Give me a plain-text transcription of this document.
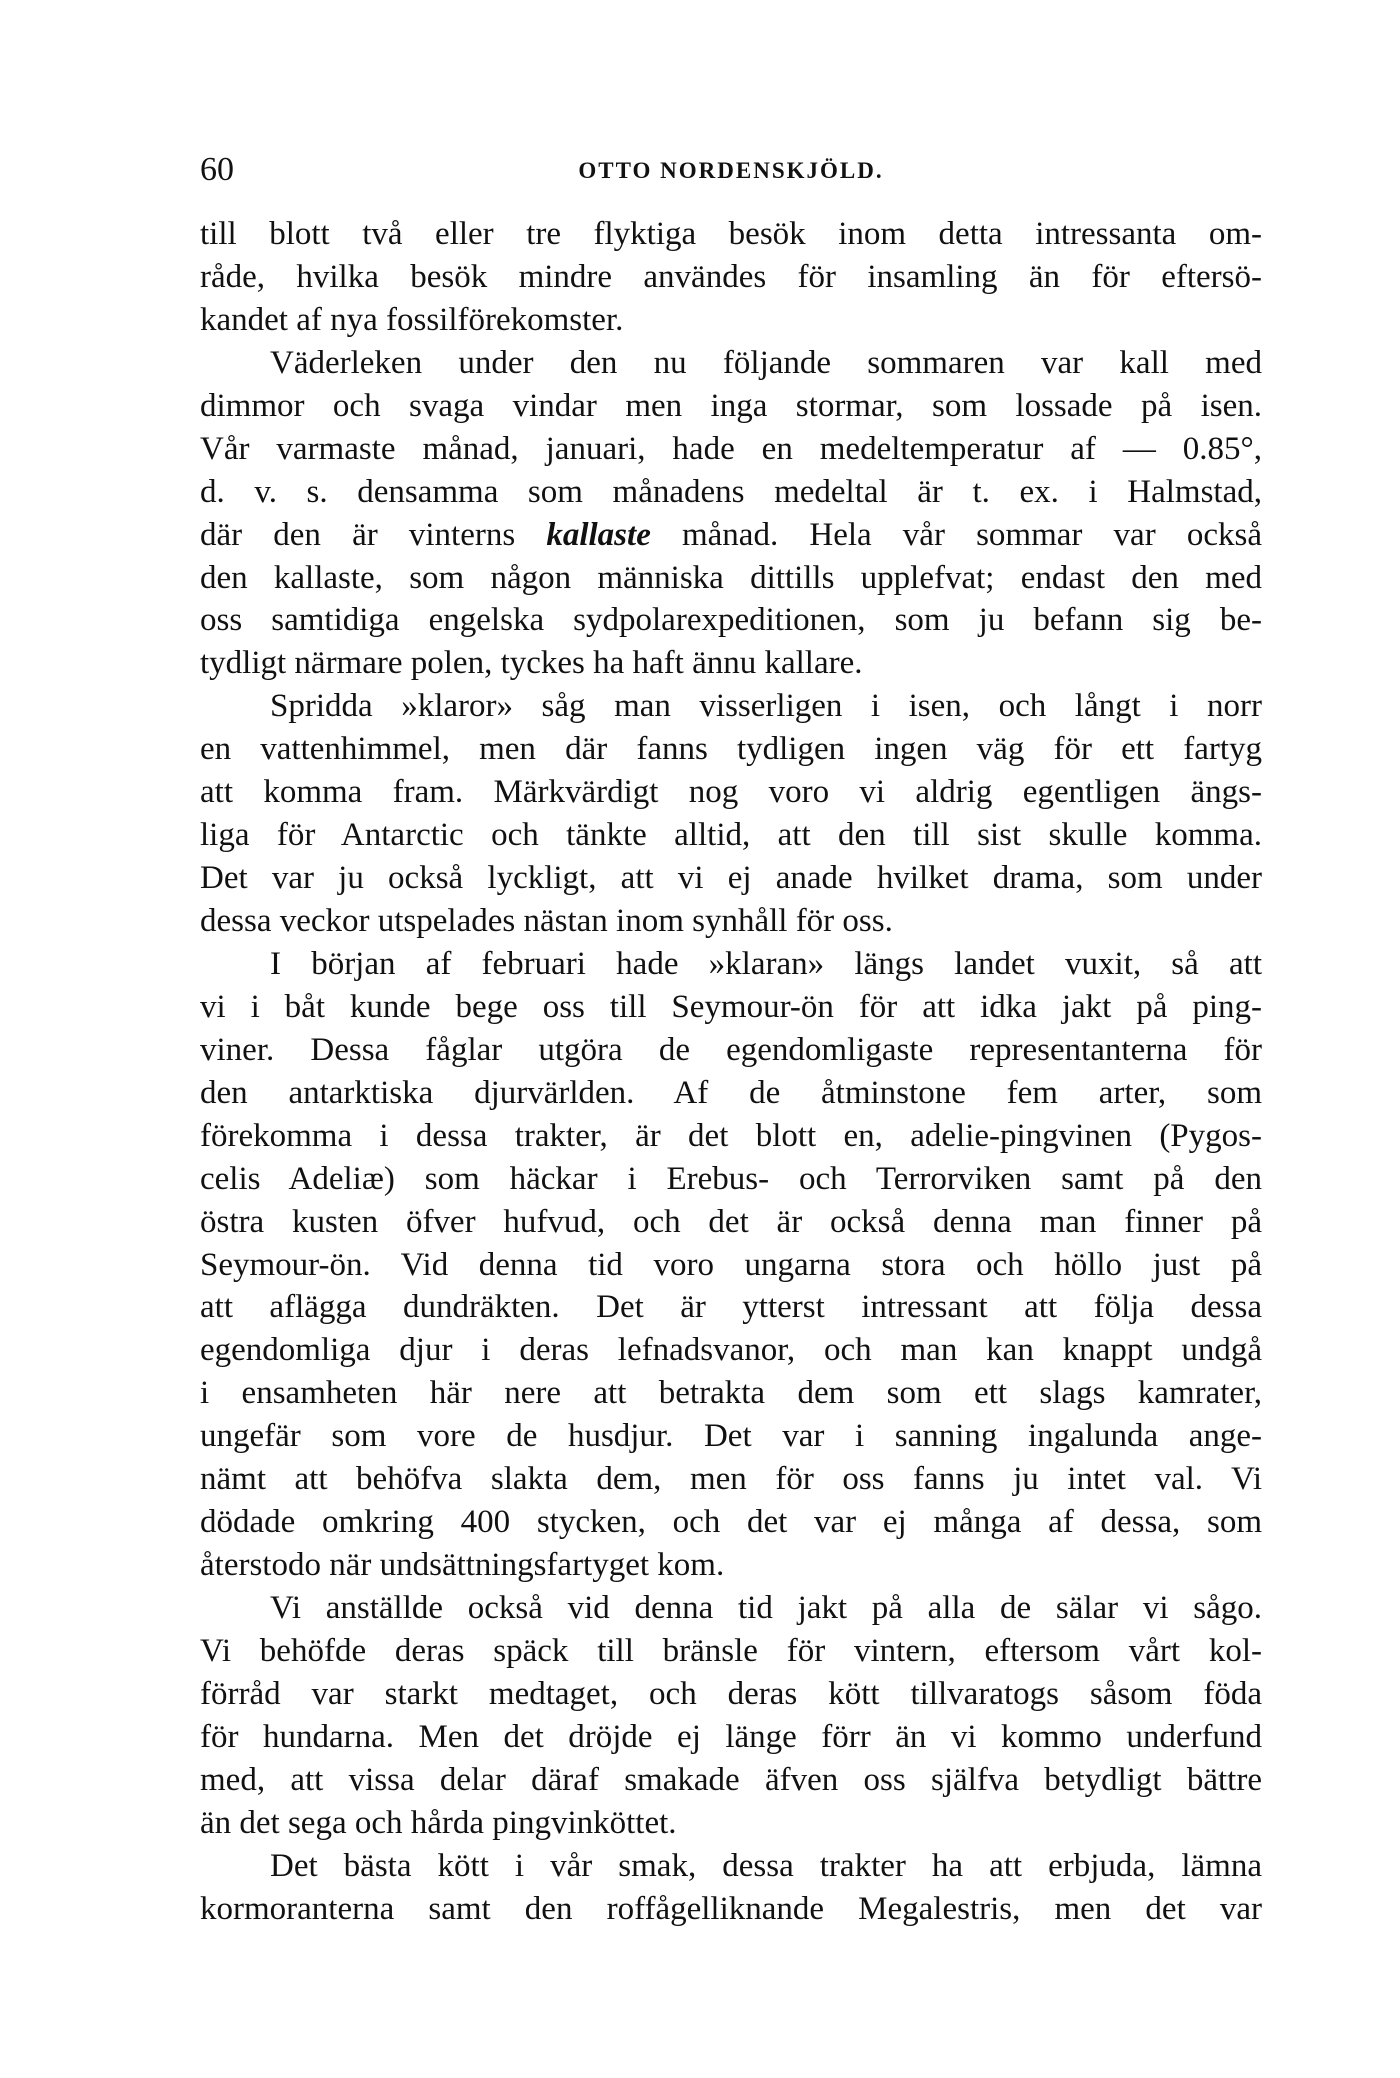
60	OTTO NORDENSKJÖLD.
till blott två eller tre flyktiga besök inom detta intressanta om-
råde, hvilka besök mindre användes för insamling än för eftersö-
kandet af nya fossilförekomster.
Väderleken under den nu följande sommaren var kall med
dimmor och svaga vindar men inga stormar, som lossade på isen.
Vår varmaste månad, januari, hade en medeltemperatur af — 0.85°,
d. v. s. densamma som månadens medeltal är t. ex. i Halmstad,
där den är vinterns kallaste månad. Hela vår sommar var också
den kallaste, som någon människa dittills upplefvat; endast den med
oss samtidiga engelska sydpolarexpeditionen, som ju befann sig be-
tydligt närmare polen, tyckes ha haft ännu kallare.
Spridda »klaror» såg man visserligen i isen, och långt i norr
en vattenhimmel, men där fanns tydligen ingen väg för ett fartyg
att komma fram. Märkvärdigt nog voro vi aldrig egentligen ängs-
liga för Antarctic och tänkte alltid, att den till sist skulle komma.
Det var ju också lyckligt, att vi ej anade hvilket drama, som under
dessa veckor utspelades nästan inom synhåll för oss.
I början af februari hade »klaran» längs landet vuxit, så att
vi i båt kunde bege oss till Seymour-ön för att idka jakt på ping-
viner. Dessa fåglar utgöra de egendomligaste representanterna för
den antarktiska djurvärlden. Af de åtminstone fem arter, som
förekomma i dessa trakter, är det blott en, adelie-pingvinen (Pygos-
celis Adeliæ) som häckar i Erebus- och Terrorviken samt på den
östra kusten öfver hufvud, och det är också denna man finner på
Seymour-ön. Vid denna tid voro ungarna stora och höllo just på
att aflägga dundräkten. Det är ytterst intressant att följa dessa
egendomliga djur i deras lefnadsvanor, och man kan knappt undgå
i ensamheten här nere att betrakta dem som ett slags kamrater,
ungefär som vore de husdjur. Det var i sanning ingalunda ange-
nämt att behöfva slakta dem, men för oss fanns ju intet val. Vi
dödade omkring 400 stycken, och det var ej många af dessa, som
återstodo när undsättningsfartyget kom.
Vi anställde också vid denna tid jakt på alla de sälar vi sågo.
Vi behöfde deras späck till bränsle för vintern, eftersom vårt kol-
förråd var starkt medtaget, och deras kött tillvaratogs såsom föda
för hundarna. Men det dröjde ej länge förr än vi kommo underfund
med, att vissa delar däraf smakade äfven oss själfva betydligt bättre
än det sega och hårda pingvinköttet.
Det bästa kött i vår smak, dessa trakter ha att erbjuda, lämna
kormoranterna samt den roffågelliknande Megalestris, men det var
